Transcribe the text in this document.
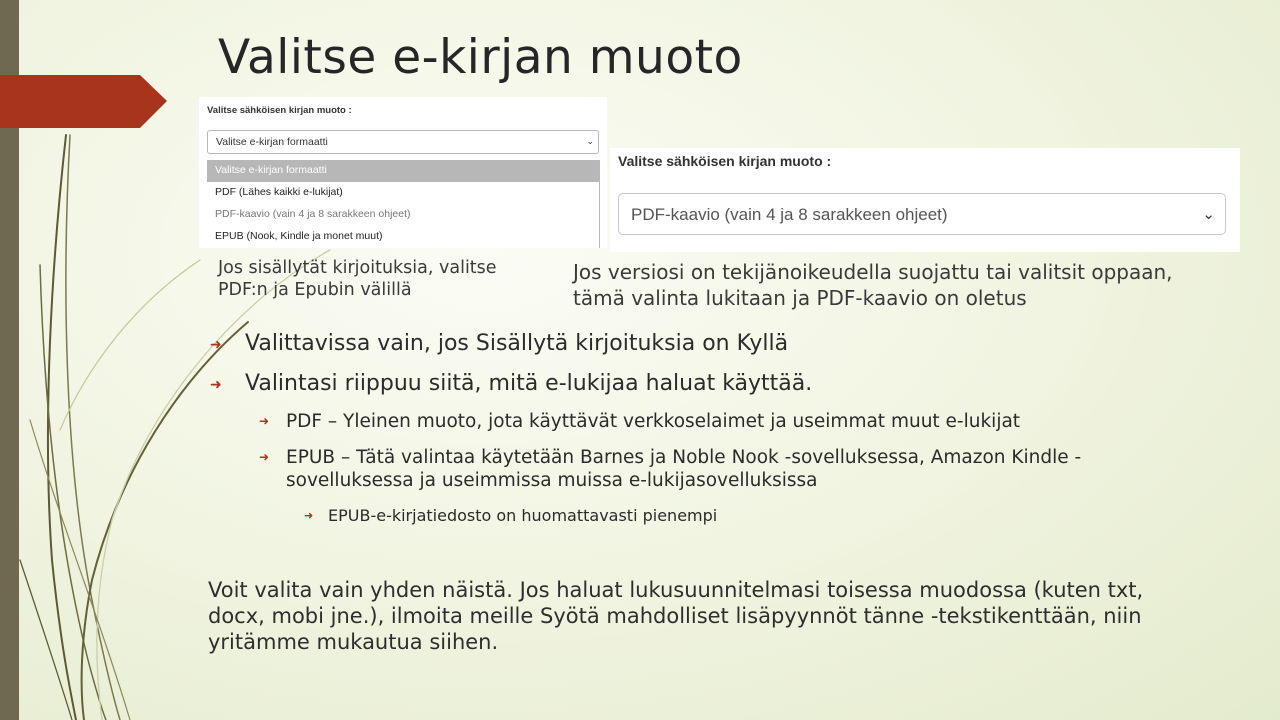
Valitse e-kirjan muoto
Valitse sähköisen kirjan muoto :
Valitse e-kirjan formaatti	⌄
Valitse e-kirjan formaatti
PDF (Lähes kaikki e-lukijat)
PDF-kaavio (vain 4 ja 8 sarakkeen ohjeet)
EPUB (Nook, Kindle ja monet muut)
Valitse sähköisen kirjan muoto :
PDF-kaavio (vain 4 ja 8 sarakkeen ohjeet)	⌄
Jos sisällytät kirjoituksia, valitse PDF:n ja Epubin välillä
Jos versiosi on tekijänoikeudella suojattu tai valitsit oppaan, tämä valinta lukitaan ja PDF-kaavio on oletus
➜ Valittavissa vain, jos Sisällytä kirjoituksia on Kyllä
➜ Valintasi riippuu siitä, mitä e-lukijaa haluat käyttää.
➜ PDF – Yleinen muoto, jota käyttävät verkkoselaimet ja useimmat muut e-lukijat
➜ EPUB – Tätä valintaa käytetään Barnes ja Noble Nook -sovelluksessa, Amazon Kindle -sovelluksessa ja useimmissa muissa e-lukijasovelluksissa
➜ EPUB-e-kirjatiedosto on huomattavasti pienempi
Voit valita vain yhden näistä. Jos haluat lukusuunnitelmasi toisessa muodossa (kuten txt, docx, mobi jne.), ilmoita meille Syötä mahdolliset lisäpyynnöt tänne -tekstikenttään, niin yritämme mukautua siihen.
